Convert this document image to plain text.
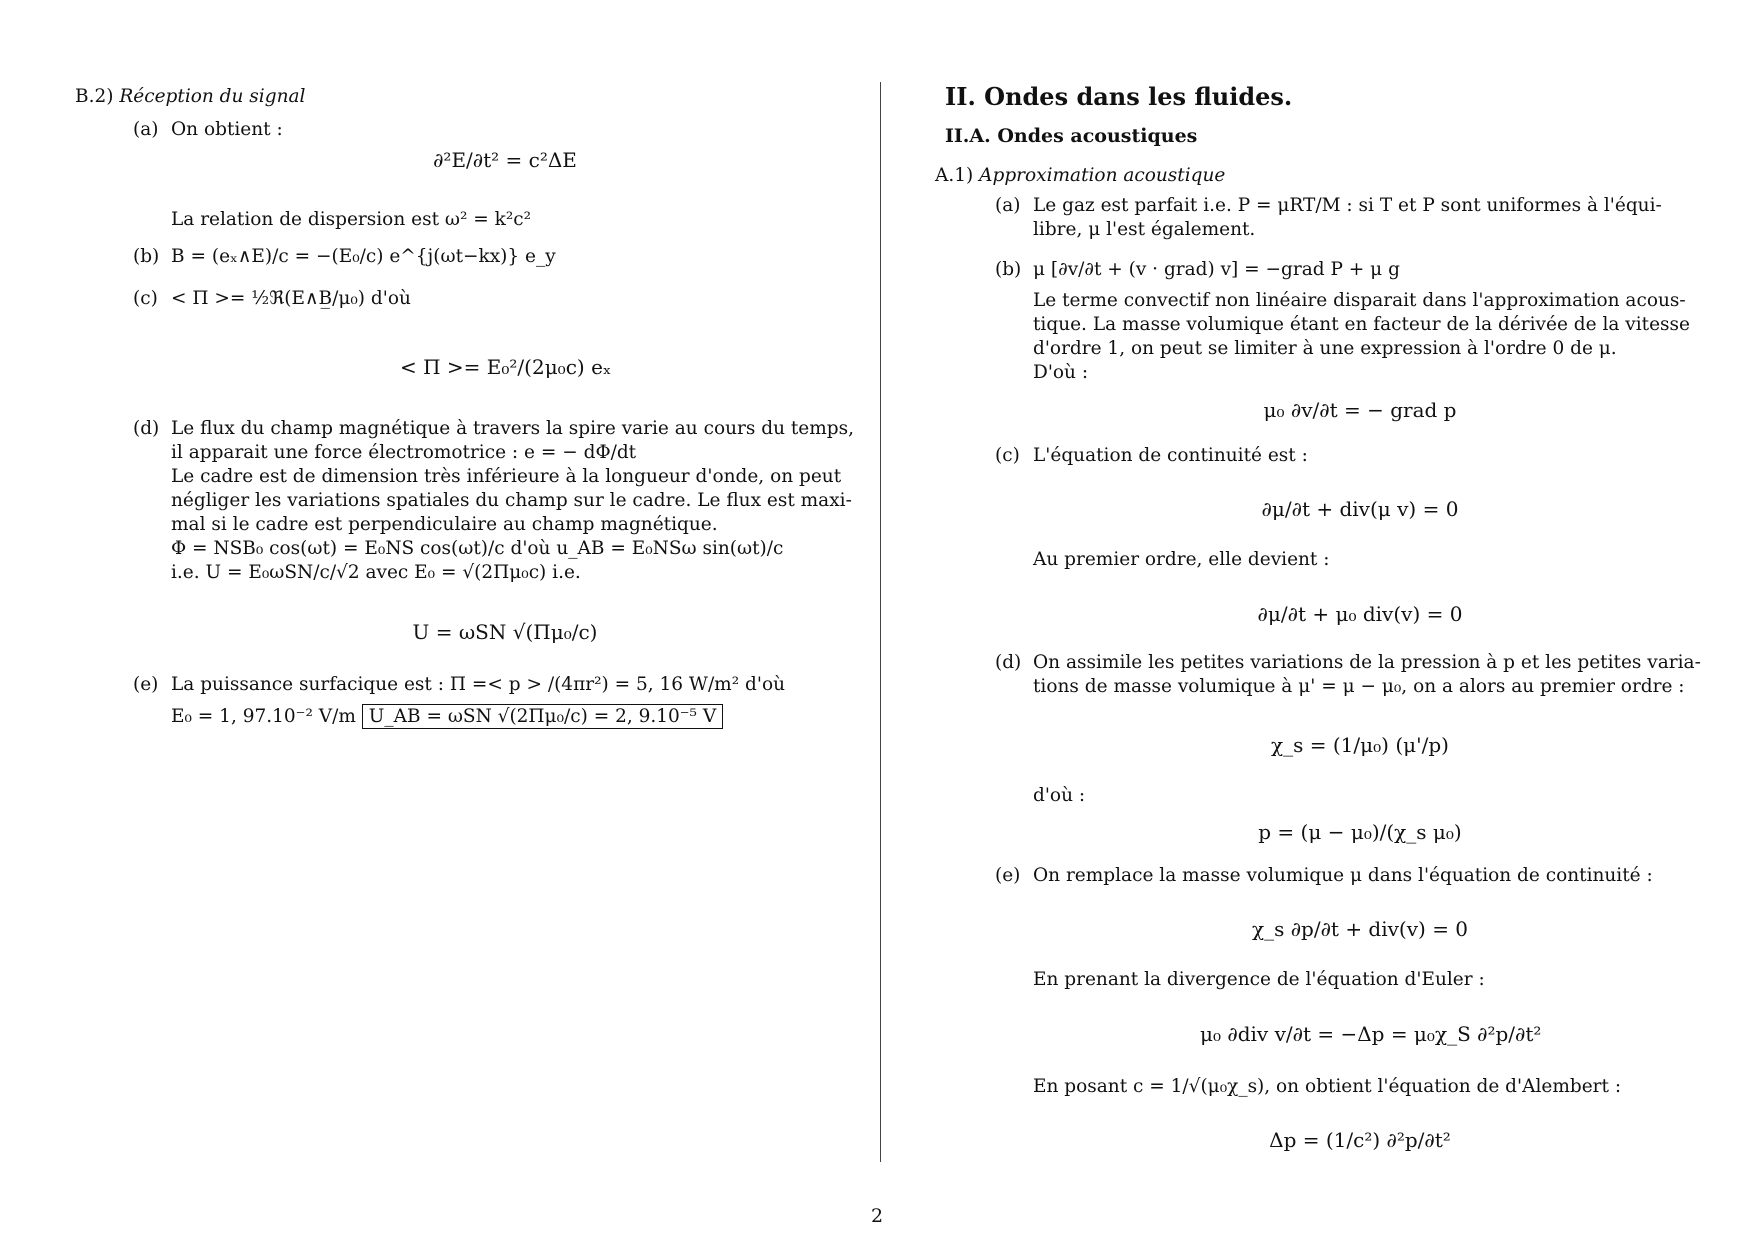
B.2) Réception du signal
(a) On obtient :
∂²E/∂t² = c²ΔE
La relation de dispersion est ω² = k²c²
(b) B = (eₓ∧E)/c = −(E₀/c) e^{j(ωt−kx)} e_y
(c) < Π >= ½ℜ(E∧B̲/μ₀) d'où
< Π >= E₀²/(2μ₀c) eₓ
(d) Le flux du champ magnétique à travers la spire varie au cours du temps,
il apparait une force électromotrice : e = − dΦ/dt
Le cadre est de dimension très inférieure à la longueur d'onde, on peut
négliger les variations spatiales du champ sur le cadre. Le flux est maxi-
mal si le cadre est perpendiculaire au champ magnétique.
Φ = NSB₀ cos(ωt) = E₀NS cos(ωt)/c d'où u_AB = E₀NSω sin(ωt)/c
i.e. U = E₀ωSN/c/√2 avec E₀ = √(2Πμ₀c) i.e.
U = ωSN √(Πμ₀/c)
(e) La puissance surfacique est : Π =< p > /(4πr²) = 5, 16 W/m² d'où
E₀ = 1, 97.10⁻² V/m U_AB = ωSN √(2Πμ₀/c) = 2, 9.10⁻⁵ V
II. Ondes dans les fluides.
II.A. Ondes acoustiques
A.1) Approximation acoustique
(a) Le gaz est parfait i.e. P = μRT/M : si T et P sont uniformes à l'équi-
libre, μ l'est également.
(b) μ [∂v/∂t + (v · grad) v] = −grad P + μ g
Le terme convectif non linéaire disparait dans l'approximation acous-
tique. La masse volumique étant en facteur de la dérivée de la vitesse
d'ordre 1, on peut se limiter à une expression à l'ordre 0 de μ.
D'où :
μ₀ ∂v/∂t = − grad p
(c) L'équation de continuité est :
∂μ/∂t + div(μ v) = 0
Au premier ordre, elle devient :
∂μ/∂t + μ₀ div(v) = 0
(d) On assimile les petites variations de la pression à p et les petites varia-
tions de masse volumique à μ' = μ − μ₀, on a alors au premier ordre :
χ_s = (1/μ₀) (μ'/p)
d'où :
p = (μ − μ₀)/(χ_s μ₀)
(e) On remplace la masse volumique μ dans l'équation de continuité :
χ_s ∂p/∂t + div(v) = 0
En prenant la divergence de l'équation d'Euler :
μ₀ ∂div v/∂t = −Δp = μ₀χ_S ∂²p/∂t²
En posant c = 1/√(μ₀χ_s), on obtient l'équation de d'Alembert :
Δp = (1/c²) ∂²p/∂t²
2
